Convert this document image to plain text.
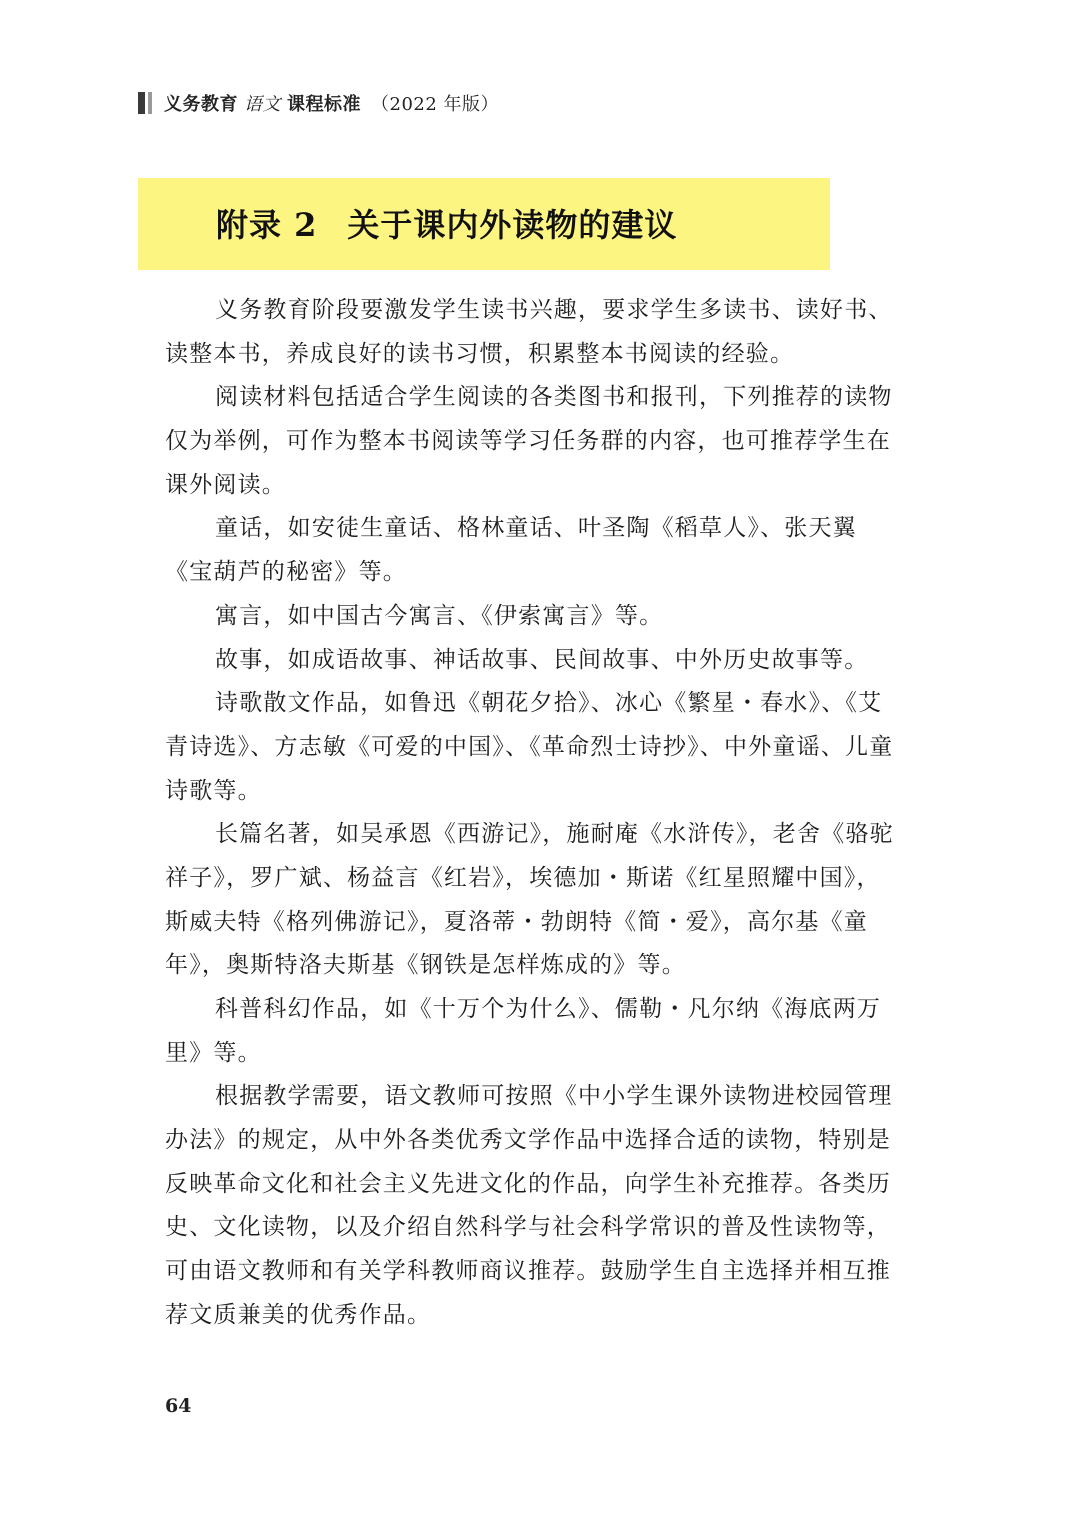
义务教育 语文 课程标准 （2022 年版）
附录 2 关于课内外读物的建议
义务教育阶段要激发学生读书兴趣，要求学生多读书、读好书、
读整本书，养成良好的读书习惯，积累整本书阅读的经验。
阅读材料包括适合学生阅读的各类图书和报刊，下列推荐的读物
仅为举例，可作为整本书阅读等学习任务群的内容，也可推荐学生在
课外阅读。
童话，如安徒生童话、格林童话、叶圣陶《稻草人》、张天翼
《宝葫芦的秘密》等。
寓言，如中国古今寓言、《伊索寓言》等。
故事，如成语故事、神话故事、民间故事、中外历史故事等。
诗歌散文作品，如鲁迅《朝花夕拾》、冰心《繁星・春水》、《艾
青诗选》、方志敏《可爱的中国》、《革命烈士诗抄》、中外童谣、儿童
诗歌等。
长篇名著，如吴承恩《西游记》，施耐庵《水浒传》，老舍《骆驼
祥子》，罗广斌、杨益言《红岩》，埃德加・斯诺《红星照耀中国》，
斯威夫特《格列佛游记》，夏洛蒂・勃朗特《简・爱》，高尔基《童
年》，奥斯特洛夫斯基《钢铁是怎样炼成的》等。
科普科幻作品，如《十万个为什么》、儒勒・凡尔纳《海底两万
里》等。
根据教学需要，语文教师可按照《中小学生课外读物进校园管理
办法》的规定，从中外各类优秀文学作品中选择合适的读物，特别是
反映革命文化和社会主义先进文化的作品，向学生补充推荐。各类历
史、文化读物，以及介绍自然科学与社会科学常识的普及性读物等，
可由语文教师和有关学科教师商议推荐。鼓励学生自主选择并相互推
荐文质兼美的优秀作品。
64
